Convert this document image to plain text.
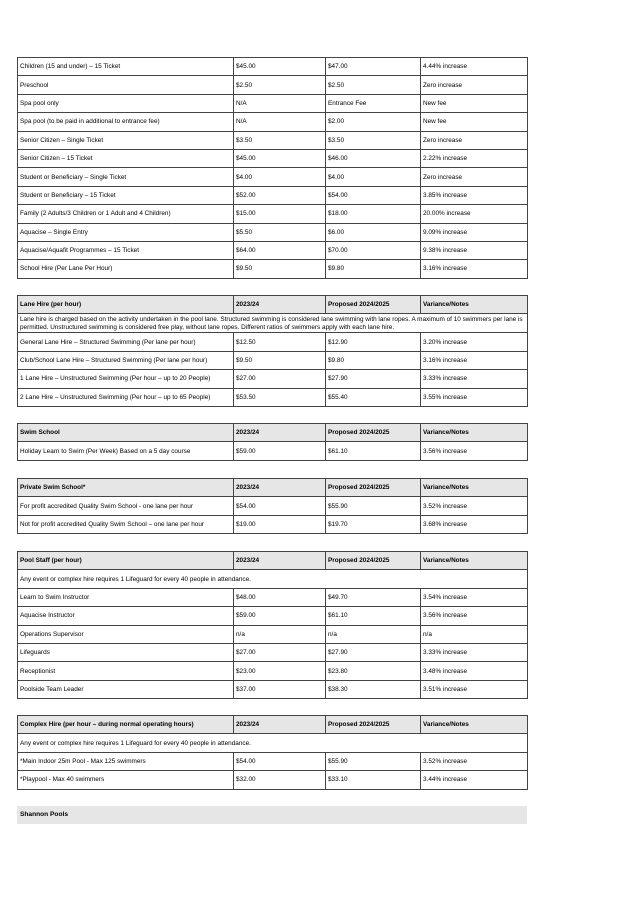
Children (15 and under) – 15 Ticket	$45.00	$47.00	4.44% increase
Preschool	$2.50	$2.50	Zero increase
Spa pool only	N/A	Entrance Fee	New fee
Spa pool (to be paid in additional to entrance fee)	N/A	$2.00	New fee
Senior Citizen – Single Ticket	$3.50	$3.50	Zero increase
Senior Citizen – 15 Ticket	$45.00	$46.00	2.22% increase
Student or Beneficiary – Single Ticket	$4.00	$4.00	Zero increase
Student or Beneficiary – 15 Ticket	$52.00	$54.00	3.85% increase
Family (2 Adults/3 Children or 1 Adult and 4 Children)	$15.00	$18.00	20.00% increase
Aquacise – Single Entry	$5.50	$6.00	9.09% increase
Aquacise/Aquafit Programmes – 15 Ticket	$64.00	$70.00	9.38% increase
School Hire (Per Lane Per Hour)	$9.50	$9.80	3.16% increase
Lane Hire (per hour)	2023/24	Proposed 2024/2025	Variance/Notes
Lane hire is charged based on the activity undertaken in the pool lane. Structured swimming is considered lane swimming with lane ropes. A maximum of 10 swimmers per lane is permitted. Unstructured swimming is considered free play, without lane ropes. Different ratios of swimmers apply with each lane hire.			
General Lane Hire – Structured Swimming (Per lane per hour)	$12.50	$12.90	3.20% increase
Club/School Lane Hire – Structured Swimming (Per lane per hour)	$9.50	$9.80	3.16% increase
1 Lane Hire – Unstructured Swimming (Per hour – up to 20 People)	$27.00	$27.90	3.33% increase
2 Lane Hire – Unstructured Swimming (Per hour – up to 65 People)	$53.50	$55.40	3.55% increase
Swim School	2023/24	Proposed 2024/2025	Variance/Notes
Holiday Learn to Swim (Per Week) Based on a 5 day course	$59.00	$61.10	3.56% increase
Private Swim School*	2023/24	Proposed 2024/2025	Variance/Notes
For profit accredited Quality Swim School - one lane per hour	$54.00	$55.90	3.52% increase
Not for profit accredited Quality Swim School – one lane per hour	$19.00	$19.70	3.68% increase
Pool Staff (per hour)	2023/24	Proposed 2024/2025	Variance/Notes
Any event or complex hire requires 1 Lifeguard for every 40 people in attendance.			
Learn to Swim Instructor	$48.00	$49.70	3.54% increase
Aquacise Instructor	$59.00	$61.10	3.56% increase
Operations Supervisor	n/a	n/a	n/a
Lifeguards	$27.00	$27.90	3.33% increase
Receptionist	$23.00	$23.80	3.48% increase
Poolside Team Leader	$37.00	$38.30	3.51% increase
Complex Hire (per hour – during normal operating hours)	2023/24	Proposed 2024/2025	Variance/Notes
Any event or complex hire requires 1 Lifeguard for every 40 people in attendance.			
*Main Indoor 25m Pool - Max 125 swimmers	$54.00	$55.90	3.52% increase
*Playpool - Max 40 swimmers	$32.00	$33.10	3.44% increase
Shannon Pools
